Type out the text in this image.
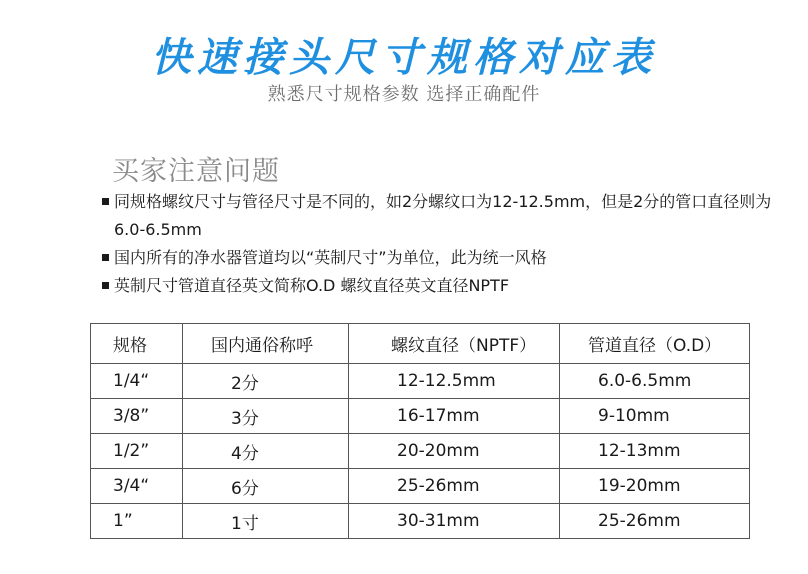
快速接头尺寸规格对应表
熟悉尺寸规格参数 选择正确配件
买家注意问题
同规格螺纹尺寸与管径尺寸是不同的，如2分螺纹口为12-12.5mm，但是2分的管口直径则为6.0-6.5mm
国内所有的净水器管道均以“英制尺寸”为单位，此为统一风格
英制尺寸管道直径英文简称O.D 螺纹直径英文直径NPTF
规格	国内通俗称呼	螺纹直径（NPTF）	管道直径（O.D）
1/4“	2分	12-12.5mm	6.0-6.5mm
3/8”	3分	16-17mm	9-10mm
1/2”	4分	20-20mm	12-13mm
3/4“	6分	25-26mm	19-20mm
1”	1寸	30-31mm	25-26mm
